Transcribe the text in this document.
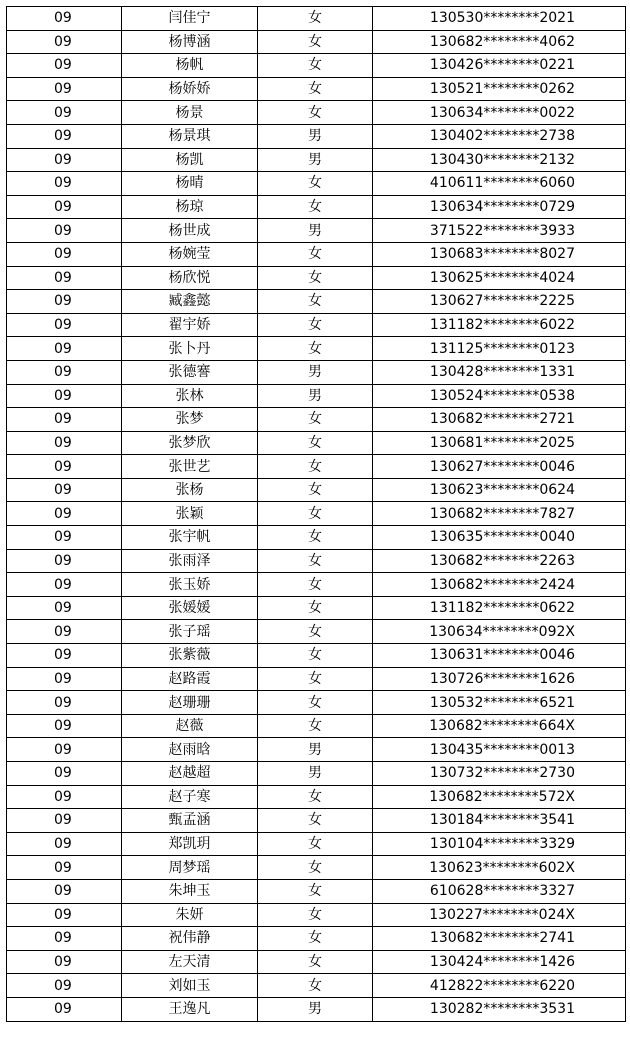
09	闫佳宁	女	130530********2021
09	杨博涵	女	130682********4062
09	杨帆	女	130426********0221
09	杨娇娇	女	130521********0262
09	杨景	女	130634********0022
09	杨景琪	男	130402********2738
09	杨凯	男	130430********2132
09	杨晴	女	410611********6060
09	杨琼	女	130634********0729
09	杨世成	男	371522********3933
09	杨婉莹	女	130683********8027
09	杨欣悦	女	130625********4024
09	臧鑫懿	女	130627********2225
09	翟宇娇	女	131182********6022
09	张卜丹	女	131125********0123
09	张德謇	男	130428********1331
09	张林	男	130524********0538
09	张梦	女	130682********2721
09	张梦欣	女	130681********2025
09	张世艺	女	130627********0046
09	张杨	女	130623********0624
09	张颖	女	130682********7827
09	张宇帆	女	130635********0040
09	张雨泽	女	130682********2263
09	张玉娇	女	130682********2424
09	张媛媛	女	131182********0622
09	张子瑶	女	130634********092X
09	张紫薇	女	130631********0046
09	赵路霞	女	130726********1626
09	赵珊珊	女	130532********6521
09	赵薇	女	130682********664X
09	赵雨晗	男	130435********0013
09	赵越超	男	130732********2730
09	赵子寒	女	130682********572X
09	甄孟涵	女	130184********3541
09	郑凯玥	女	130104********3329
09	周梦瑶	女	130623********602X
09	朱坤玉	女	610628********3327
09	朱妍	女	130227********024X
09	祝伟静	女	130682********2741
09	左天清	女	130424********1426
09	刘如玉	女	412822********6220
09	王逸凡	男	130282********3531
